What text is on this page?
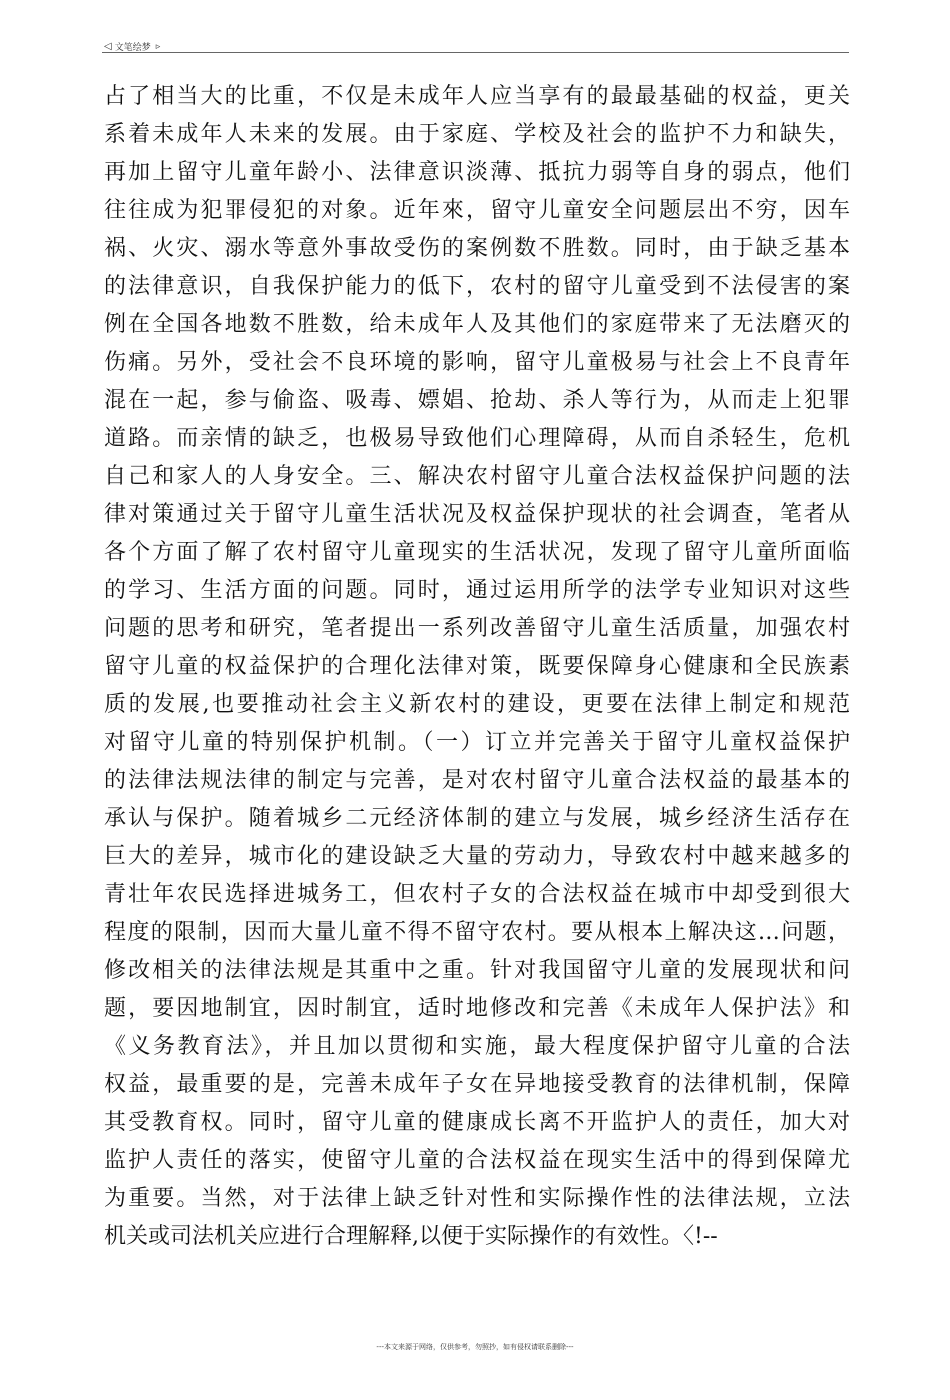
◁ 文笔绘梦 ▹
占了相当大的比重，不仅是未成年人应当享有的最最基础的权益，更关
系着未成年人未来的发展。由于家庭、学校及社会的监护不力和缺失，
再加上留守儿童年龄小、法律意识淡薄、抵抗力弱等自身的弱点，他们
往往成为犯罪侵犯的对象。近年來，留守儿童安全问题层出不穷，因车
祸、火灾、溺水等意外事故受伤的案例数不胜数。同时，由于缺乏基本
的法律意识，自我保护能力的低下，农村的留守儿童受到不法侵害的案
例在全国各地数不胜数，给未成年人及其他们的家庭带来了无法磨灭的
伤痛。另外，受社会不良环境的影响，留守儿童极易与社会上不良青年
混在一起，参与偷盗、吸毒、嫖娼、抢劫、杀人等行为，从而走上犯罪
道路。而亲情的缺乏，也极易导致他们心理障碍，从而自杀轻生，危机
自己和家人的人身安全。三、解决农村留守儿童合法权益保护问题的法
律对策通过关于留守儿童生活状况及权益保护现状的社会调查，笔者从
各个方面了解了农村留守儿童现实的生活状况，发现了留守儿童所面临
的学习、生活方面的问题。同时，通过运用所学的法学专业知识对这些
问题的思考和研究，笔者提出一系列改善留守儿童生活质量，加强农村
留守儿童的权益保护的合理化法律对策，既要保障身心健康和全民族素
质的发展,也要推动社会主义新农村的建设，更要在法律上制定和规范
对留守儿童的特别保护机制。（一）订立并完善关于留守儿童权益保护
的法律法规法律的制定与完善，是对农村留守儿童合法权益的最基本的
承认与保护。随着城乡二元经济体制的建立与发展，城乡经济生活存在
巨大的差异，城市化的建设缺乏大量的劳动力，导致农村中越来越多的
青壮年农民选择进城务工，但农村子女的合法权益在城市中却受到很大
程度的限制，因而大量儿童不得不留守农村。要从根本上解决这…问题，
修改相关的法律法规是其重中之重。针对我国留守儿童的发展现状和问
题，要因地制宜，因时制宜，适时地修改和完善《未成年人保护法》和
《义务教育法》，并且加以贯彻和实施，最大程度保护留守儿童的合法
权益，最重要的是，完善未成年子女在异地接受教育的法律机制，保障
其受教育权。同时，留守儿童的健康成长离不开监护人的责任，加大对
监护人责任的落实，使留守儿童的合法权益在现实生活中的得到保障尤
为重要。当然，对于法律上缺乏针对性和实际操作性的法律法规，立法
机关或司法机关应进行合理解释,以便于实际操作的有效性。〈!--
---本文来源于网络，仅供参考，勿照抄，如有侵权请联系删除---
